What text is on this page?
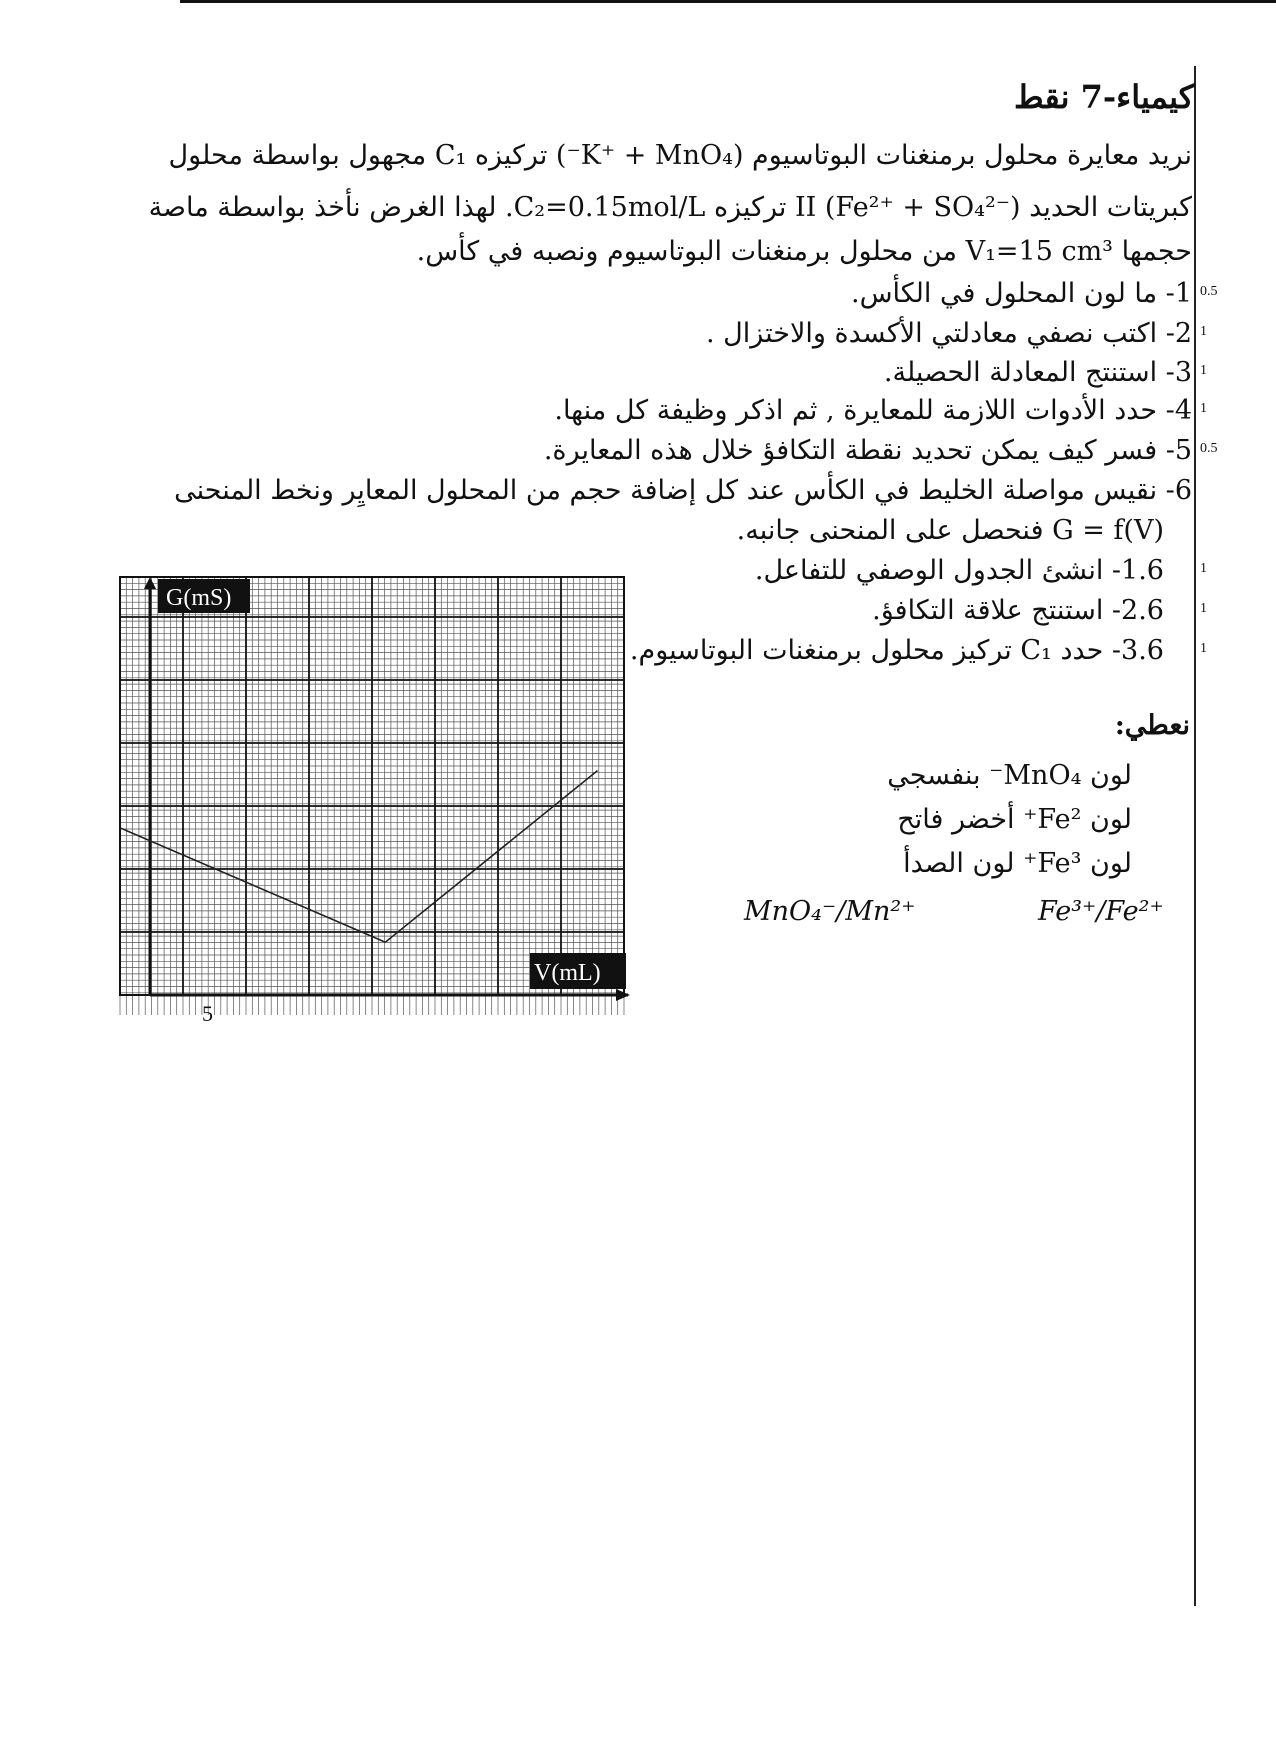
كيمياء-7 نقط
نريد معايرة محلول برمنغنات البوتاسيوم (K⁺ + MnO₄⁻) تركيزه C₁ مجهول بواسطة محلول
كبريتات الحديد II (Fe²⁺ + SO₄²⁻) تركيزه C₂=0.15mol/L. لهذا الغرض نأخذ بواسطة ماصة
حجمها V₁=15 cm³ من محلول برمنغنات البوتاسيوم ونصبه في كأس.
1- ما لون المحلول في الكأس. 0.5
2- اكتب نصفي معادلتي الأكسدة والاختزال . 1
3- استنتج المعادلة الحصيلة. 1
4- حدد الأدوات اللازمة للمعايرة , ثم اذكر وظيفة كل منها. 1
5- فسر كيف يمكن تحديد نقطة التكافؤ خلال هذه المعايرة. 0.5
6- نقيس مواصلة الخليط في الكأس عند كل إضافة حجم من المحلول المعايِر ونخط المنحنى
G = f(V) فنحصل على المنحنى جانبه.
1.6- انشئ الجدول الوصفي للتفاعل.	1
2.6- استنتج علاقة التكافؤ.	1
3.6- حدد C₁ تركيز محلول برمنغنات البوتاسيوم.	1
نعطي:
لون MnO₄⁻ بنفسجي
لون Fe²⁺ أخضر فاتح
لون Fe³⁺ لون الصدأ
Fe³⁺/Fe²⁺
MnO₄⁻/Mn²⁺
G(mS)
V(mL)
5
